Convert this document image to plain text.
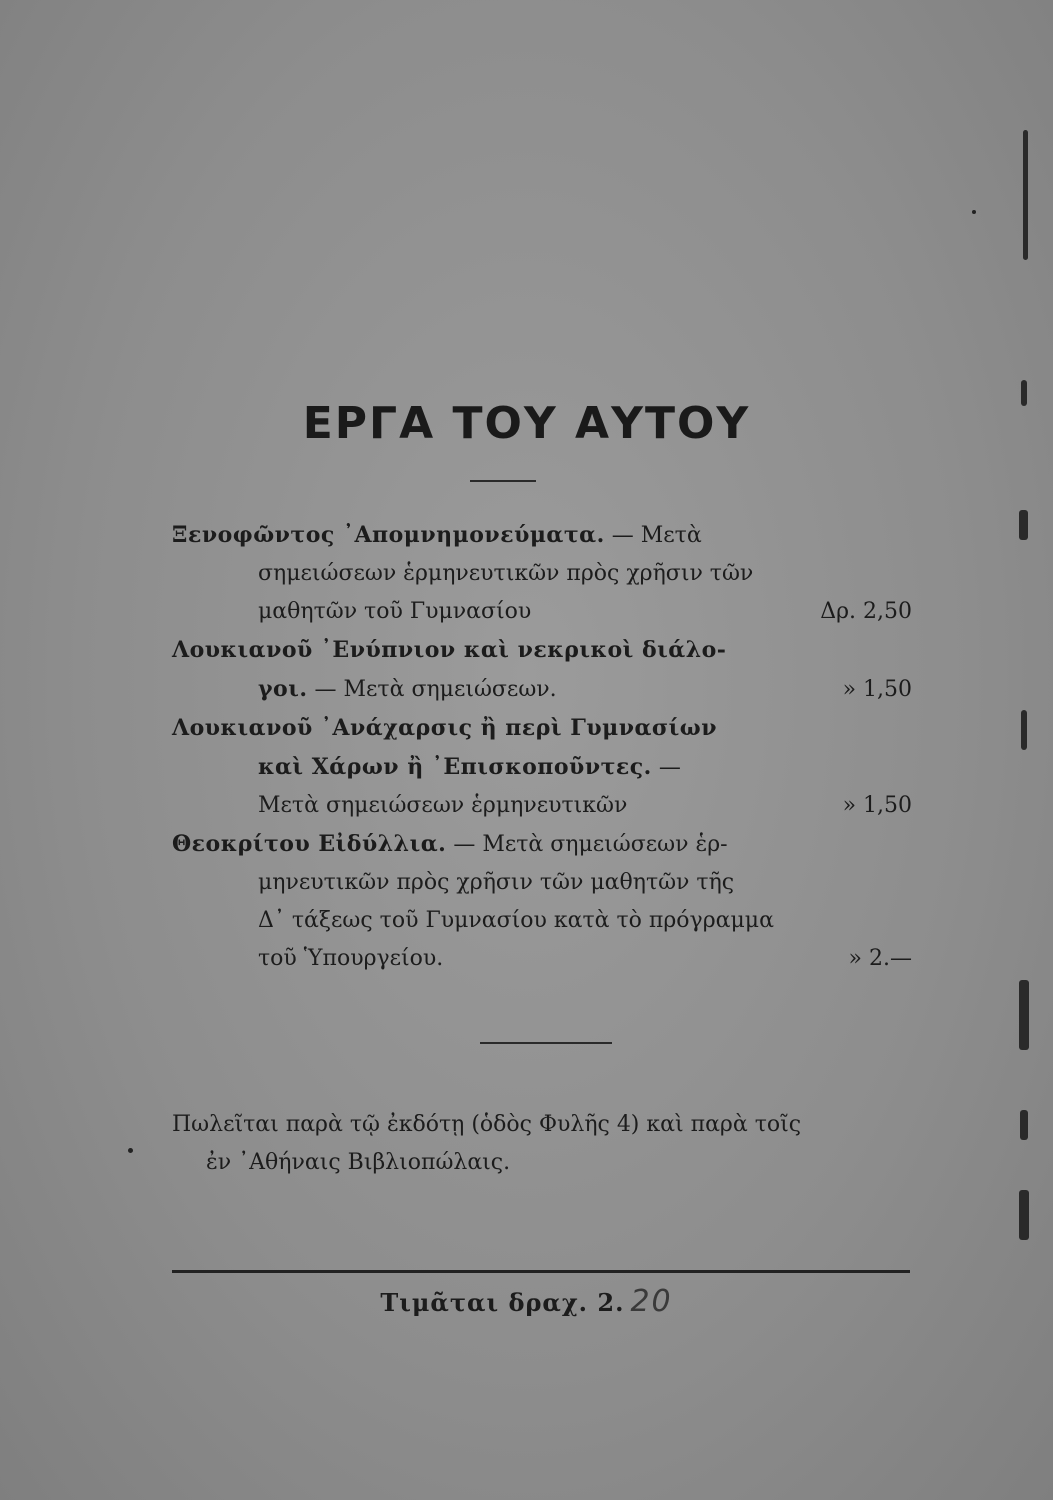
ΕΡΓΑ ΤΟΥ ΑΥΤΟΥ
Ξενοφῶντος ᾽Απομνημονεύματα. — Μετὰ
σημειώσεων ἑρμηνευτικῶν πρὸς χρῆσιν τῶν
μαθητῶν τοῦ Γυμνασίου	Δρ. 2,50
Λουκιανοῦ ᾽Ενύπνιον καὶ νεκρικοὶ διάλο-
γοι. — Μετὰ σημειώσεων.	» 1,50
Λουκιανοῦ ᾽Ανάχαρσις ἢ περὶ Γυμνασίων
καὶ Χάρων ἢ ᾽Επισκοποῦντες. —
Μετὰ σημειώσεων ἑρμηνευτικῶν	» 1,50
Θεοκρίτου Εἰδύλλια. — Μετὰ σημειώσεων ἑρ-
μηνευτικῶν πρὸς χρῆσιν τῶν μαθητῶν τῆς
Δ᾽ τάξεως τοῦ Γυμνασίου κατὰ τὸ πρόγραμμα
τοῦ Ὑπουργείου.	» 2.—
Πωλεῖται παρὰ τῷ ἐκδότῃ (ὁδὸς Φυλῆς 4) καὶ παρὰ τοῖς
ἐν ᾽Αθήναις Βιβλιοπώλαις.
Τιμᾶται δραχ. 2. 20
